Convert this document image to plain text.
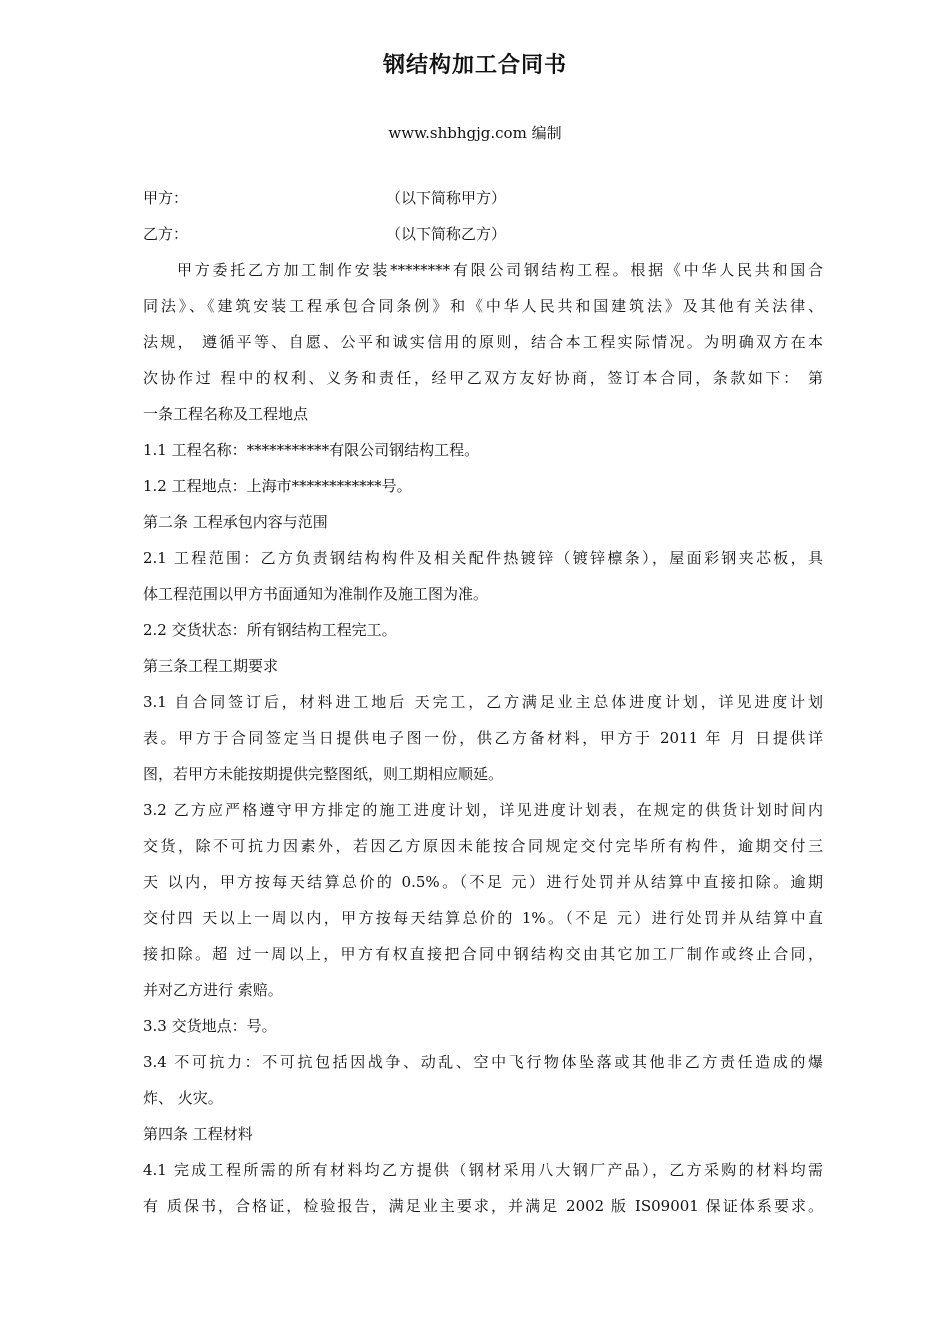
钢结构加工合同书
www.shbhgjg.com 编制
甲方：	（以下简称甲方）
乙方：	（以下简称乙方）
甲方委托乙方加工制作安装********有限公司钢结构工程。根据《中华人民共和国合
同法》、《建筑安装工程承包合同条例》和《中华人民共和国建筑法》及其他有关法律、
法规， 遵循平等、自愿、公平和诚实信用的原则，结合本工程实际情况。为明确双方在本
次协作过 程中的权利、义务和责任，经甲乙双方友好协商，签订本合同，条款如下： 第
一条工程名称及工程地点
1.1 工程名称：***********有限公司钢结构工程。
1.2 工程地点：上海市************号。
第二条 工程承包内容与范围
2.1 工程范围：乙方负责钢结构构件及相关配件热镀锌（镀锌檩条），屋面彩钢夹芯板，具
体工程范围以甲方书面通知为准制作及施工图为准。
2.2 交货状态：所有钢结构工程完工。
第三条工程工期要求
3.1 自合同签订后，材料进工地后 天完工，乙方满足业主总体进度计划，详见进度计划
表。甲方于合同签定当日提供电子图一份，供乙方备材料，甲方于 2011 年 月 日提供详
图，若甲方未能按期提供完整图纸，则工期相应顺延。
3.2 乙方应严格遵守甲方排定的施工进度计划，详见进度计划表，在规定的供货计划时间内
交货，除不可抗力因素外，若因乙方原因未能按合同规定交付完毕所有构件，逾期交付三
天 以内，甲方按每天结算总价的 0.5%。（不足 元）进行处罚并从结算中直接扣除。逾期
交付四 天以上一周以内，甲方按每天结算总价的 1%。（不足 元）进行处罚并从结算中直
接扣除。超 过一周以上，甲方有权直接把合同中钢结构交由其它加工厂制作或终止合同，
并对乙方进行 索赔。
3.3 交货地点：号。
3.4 不可抗力：不可抗包括因战争、动乱、空中飞行物体坠落或其他非乙方责任造成的爆
炸、 火灾。
第四条 工程材料
4.1 完成工程所需的所有材料均乙方提供（钢材采用八大钢厂产品），乙方采购的材料均需
有 质保书，合格证，检验报告，满足业主要求，并满足 2002 版 IS09001 保证体系要求。
